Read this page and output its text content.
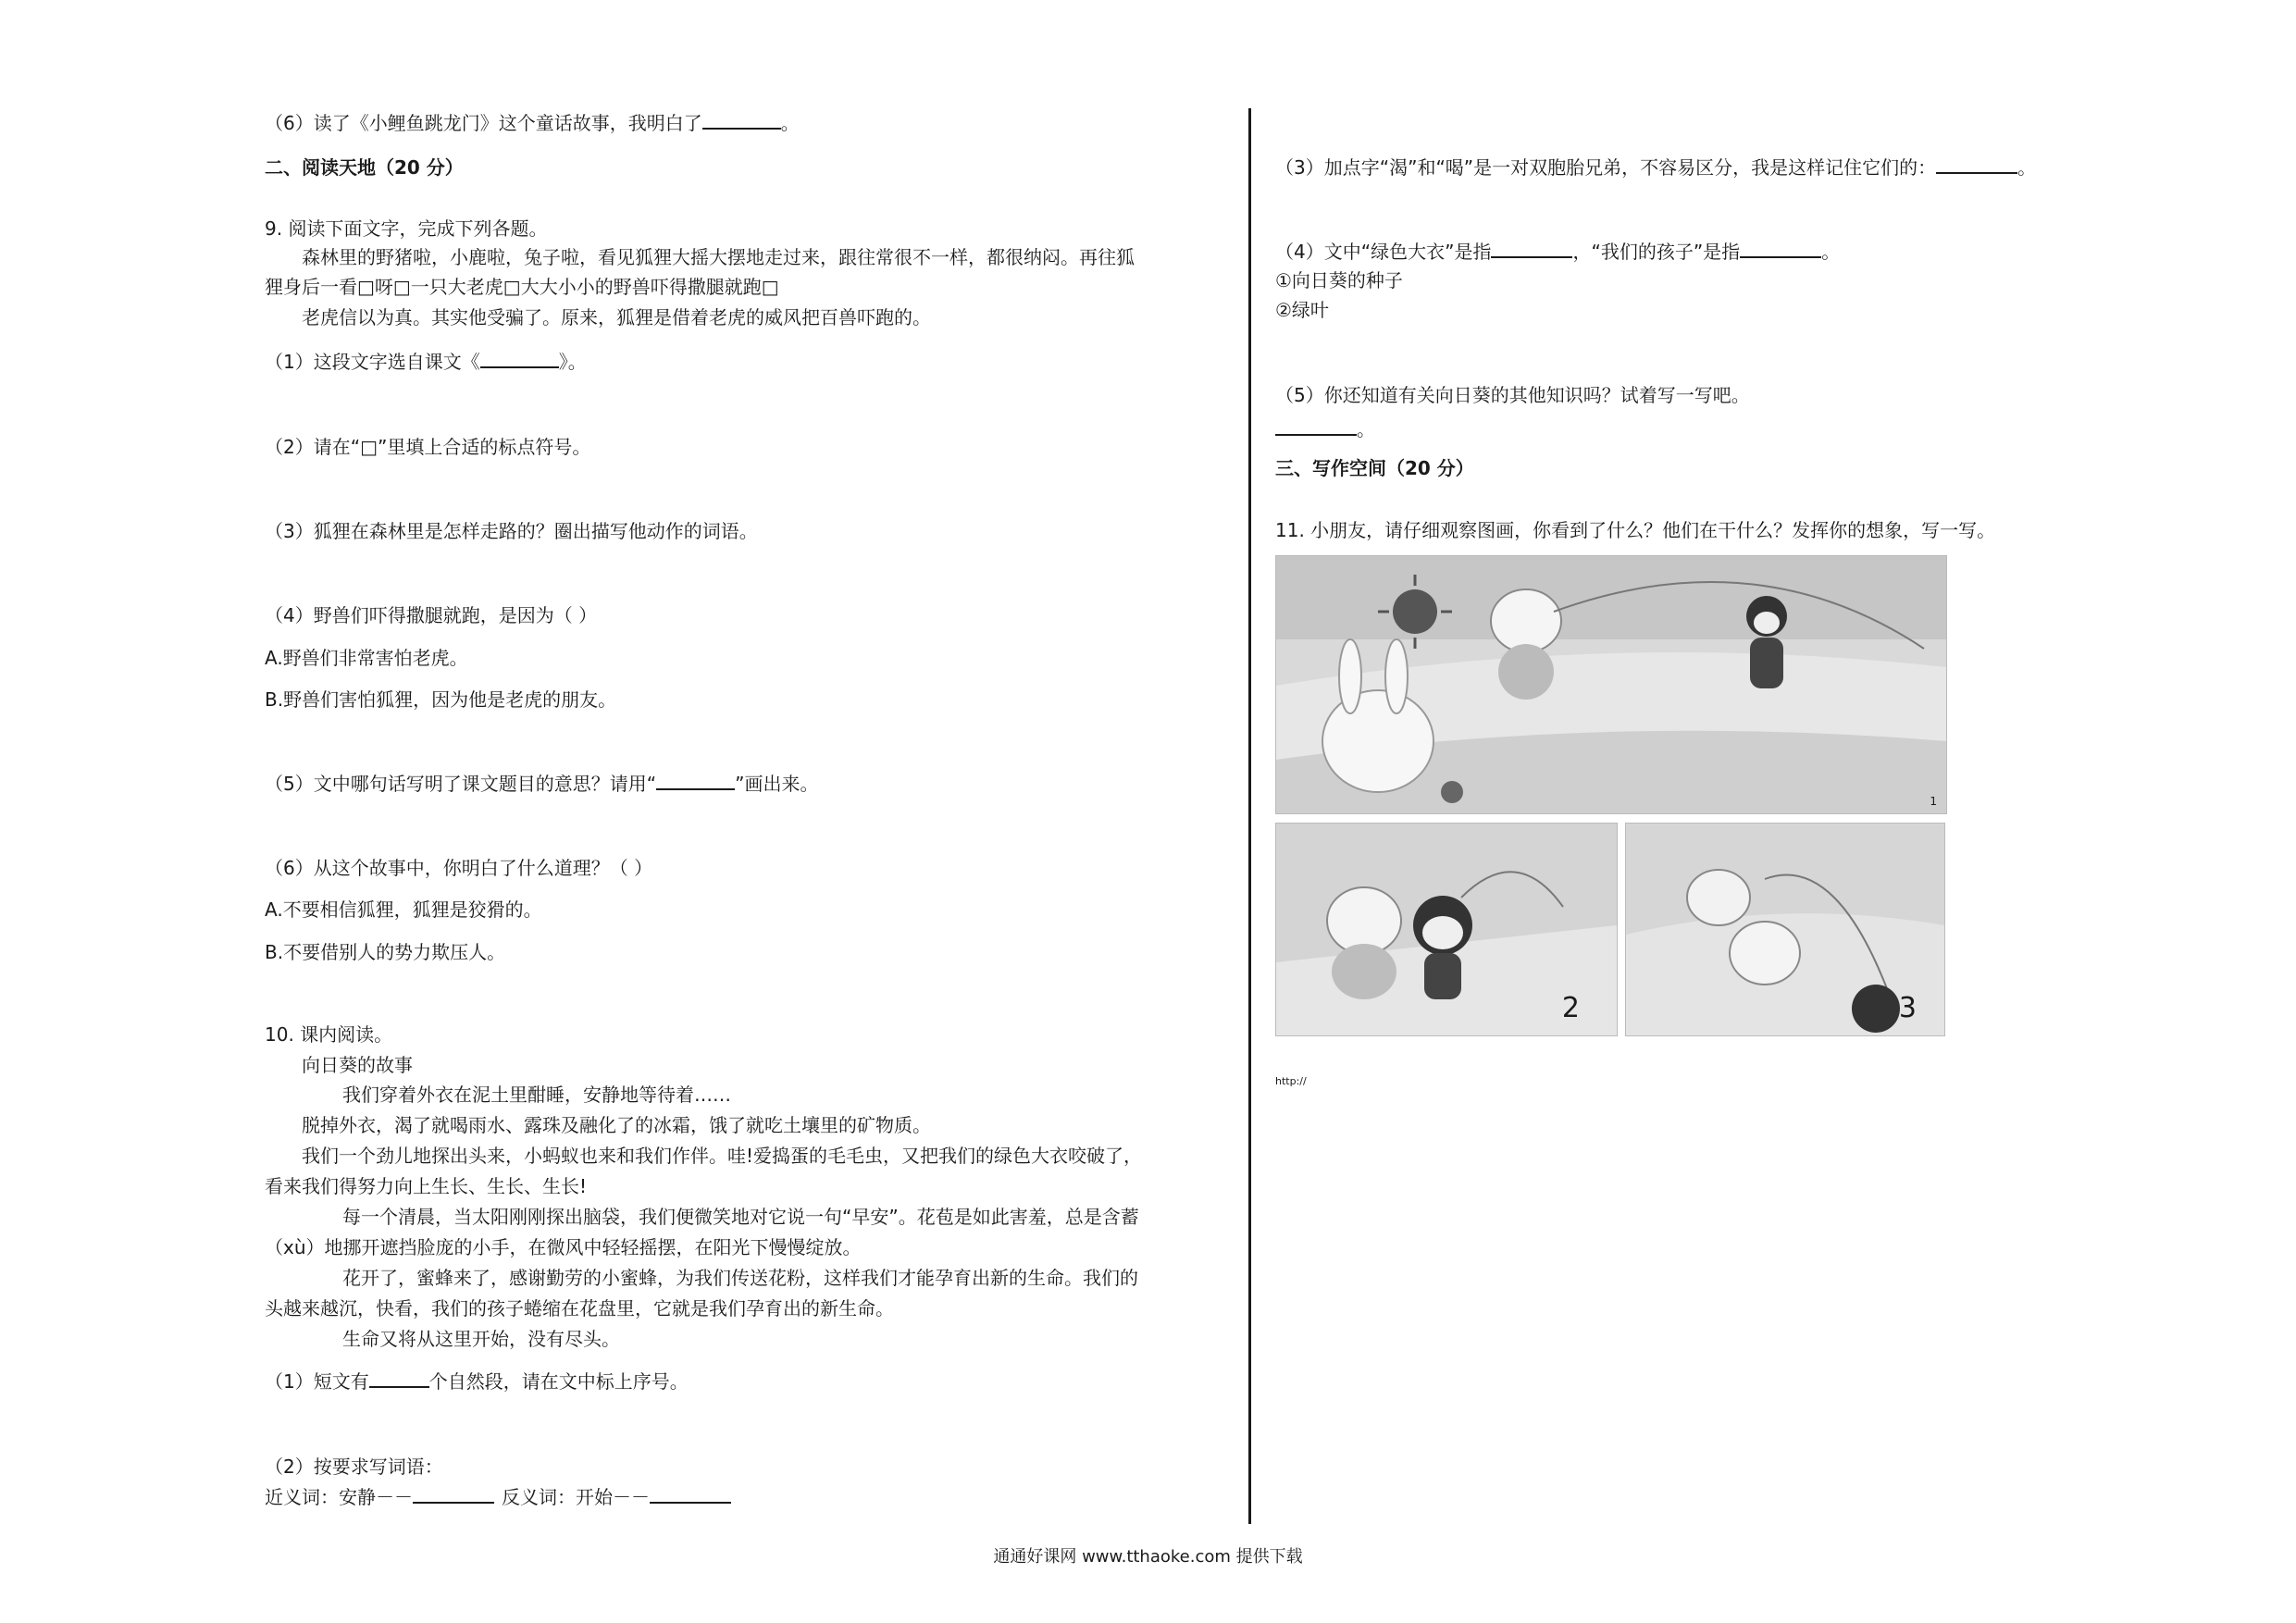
（6）读了《小鲤鱼跳龙门》这个童话故事，我明白了	。
二、阅读天地（20 分）
9. 阅读下面文字，完成下列各题。
森林里的野猪啦，小鹿啦，兔子啦，看见狐狸大摇大摆地走过来，跟往常很不一样，都很纳闷。再往狐
狸身后一看□呀□一只大老虎□大大小小的野兽吓得撒腿就跑□
老虎信以为真。其实他受骗了。原来，狐狸是借着老虎的威风把百兽吓跑的。
（1）这段文字选自课文《	》。
（2）请在“□”里填上合适的标点符号。
（3）狐狸在森林里是怎样走路的？圈出描写他动作的词语。
（4）野兽们吓得撒腿就跑，是因为（ ）
A.野兽们非常害怕老虎。
B.野兽们害怕狐狸，因为他是老虎的朋友。
（5）文中哪句话写明了课文题目的意思？请用“	”画出来。
（6）从这个故事中，你明白了什么道理？（ ）
A.不要相信狐狸，狐狸是狡猾的。
B.不要借别人的势力欺压人。
10. 课内阅读。
向日葵的故事
我们穿着外衣在泥土里酣睡，安静地等待着……
脱掉外衣，渴了就喝雨水、露珠及融化了的冰霜，饿了就吃土壤里的矿物质。
我们一个劲儿地探出头来，小蚂蚁也来和我们作伴。哇!爱捣蛋的毛毛虫，又把我们的绿色大衣咬破了，
看来我们得努力向上生长、生长、生长!
每一个清晨，当太阳刚刚探出脑袋，我们便微笑地对它说一句“早安”。花苞是如此害羞，总是含蓄
（xù）地挪开遮挡脸庞的小手，在微风中轻轻摇摆，在阳光下慢慢绽放。
花开了，蜜蜂来了，感谢勤劳的小蜜蜂，为我们传送花粉，这样我们才能孕育出新的生命。我们的
头越来越沉，快看，我们的孩子蜷缩在花盘里，它就是我们孕育出的新生命。
生命又将从这里开始，没有尽头。
（1）短文有	个自然段，请在文中标上序号。
（2）按要求写词语：
近义词：安静－－	反义词：开始－－
（3）加点字“渴”和“喝”是一对双胞胎兄弟，不容易区分，我是这样记住它们的：	。
（4）文中“绿色大衣”是指	，“我们的孩子”是指	。
①向日葵的种子
②绿叶
（5）你还知道有关向日葵的其他知识吗？试着写一写吧。
。
三、写作空间（20 分）
11. 小朋友，请仔细观察图画，你看到了什么？他们在干什么？发挥你的想象，写一写。
1
2	3
http://
通通好课网 www.tthaoke.com 提供下载
